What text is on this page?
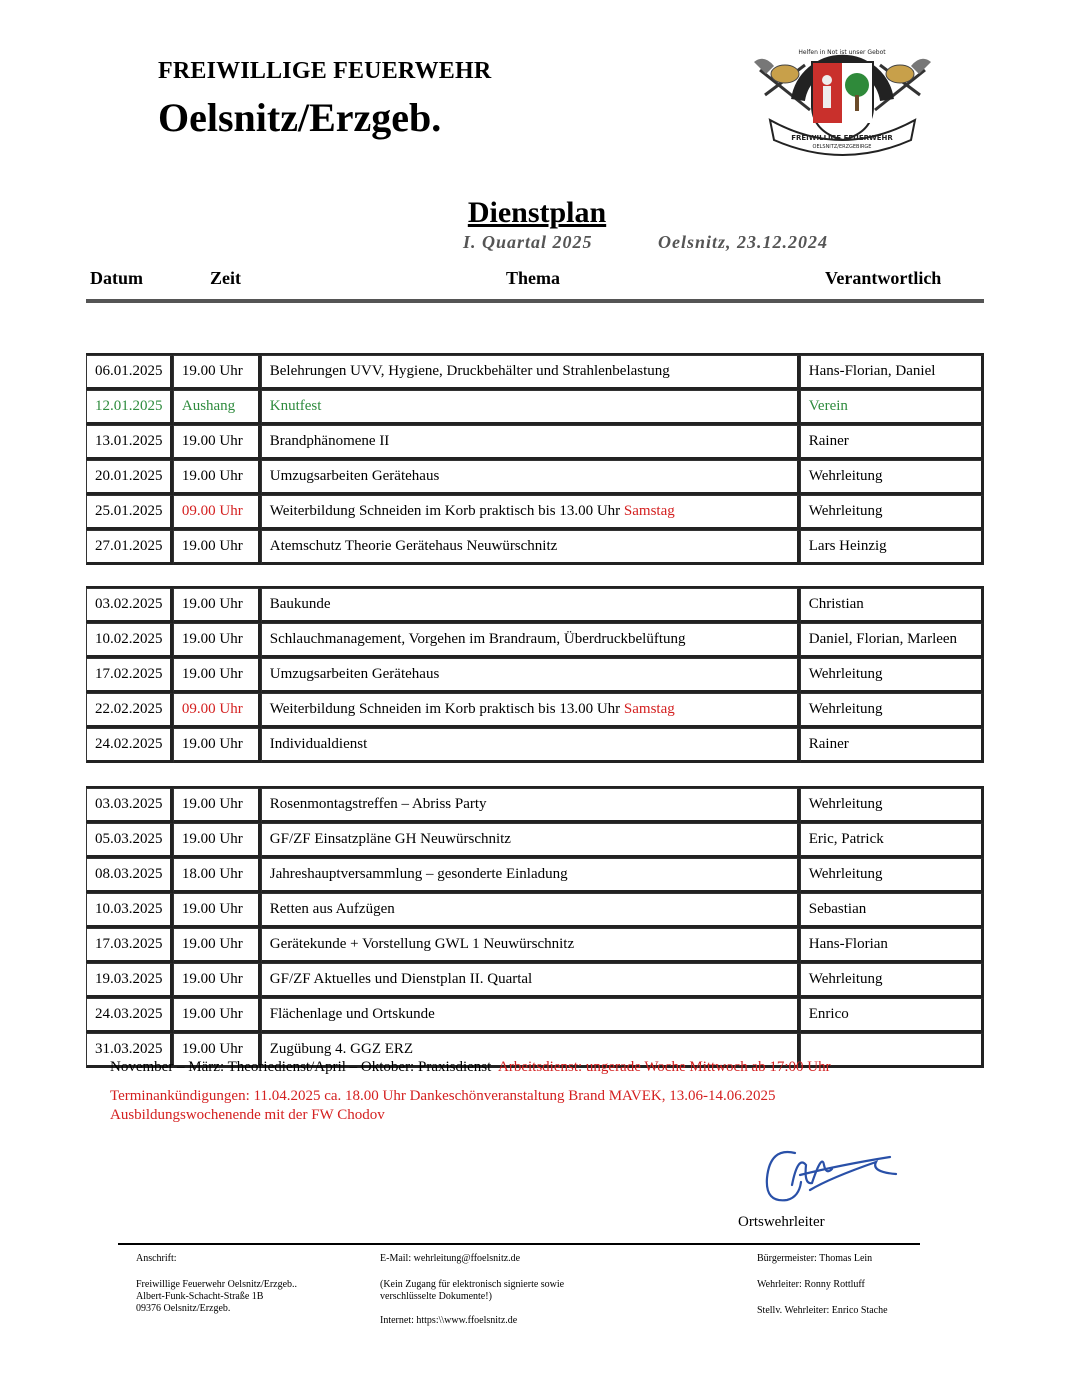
FREIWILLIGE FEUERWEHR
Oelsnitz/Erzgeb.	FREIWILLIGE FEUERWEHR
OELSNITZ/ERZGEBIRGE
Helfen in Not ist unser Gebot
Dienstplan
I. Quartal 2025	Oelsnitz, 23.12.2024
Datum	Zeit	Thema	Verantwortlich
06.01.2025	19.00 Uhr	Belehrungen UVV, Hygiene, Druckbehälter und Strahlenbelastung	Hans-Florian, Daniel
12.01.2025	Aushang	Knutfest	Verein
13.01.2025	19.00 Uhr	Brandphänomene II	Rainer
20.01.2025	19.00 Uhr	Umzugsarbeiten Gerätehaus	Wehrleitung
25.01.2025	09.00 Uhr	Weiterbildung Schneiden im Korb praktisch bis 13.00 Uhr Samstag	Wehrleitung
27.01.2025	19.00 Uhr	Atemschutz Theorie Gerätehaus Neuwürschnitz	Lars Heinzig
03.02.2025	19.00 Uhr	Baukunde	Christian
10.02.2025	19.00 Uhr	Schlauchmanagement, Vorgehen im Brandraum, Überdruckbelüftung	Daniel, Florian, Marleen
17.02.2025	19.00 Uhr	Umzugsarbeiten Gerätehaus	Wehrleitung
22.02.2025	09.00 Uhr	Weiterbildung Schneiden im Korb praktisch bis 13.00 Uhr Samstag	Wehrleitung
24.02.2025	19.00 Uhr	Individualdienst	Rainer
03.03.2025	19.00 Uhr	Rosenmontagstreffen – Abriss Party	Wehrleitung
05.03.2025	19.00 Uhr	GF/ZF Einsatzpläne GH Neuwürschnitz	Eric, Patrick
08.03.2025	18.00 Uhr	Jahreshauptversammlung – gesonderte Einladung	Wehrleitung
10.03.2025	19.00 Uhr	Retten aus Aufzügen	Sebastian
17.03.2025	19.00 Uhr	Gerätekunde + Vorstellung GWL 1 Neuwürschnitz	Hans-Florian
19.03.2025	19.00 Uhr	GF/ZF Aktuelles und Dienstplan II. Quartal	Wehrleitung
24.03.2025	19.00 Uhr	Flächenlage und Ortskunde	Enrico
31.03.2025	19.00 Uhr	Zugübung 4. GGZ ERZ	
November – März: Theoriedienst/April – Oktober: Praxisdienst Arbeitsdienst: ungerade Woche Mittwoch ab 17:00 Uhr
Terminankündigungen: 11.04.2025 ca. 18.00 Uhr Dankeschönveranstaltung Brand MAVEK, 13.06-14.06.2025
Ausbildungswochenende mit der FW Chodov
Ortswehrleiter
Anschrift:
Freiwillige Feuerwehr Oelsnitz/Erzgeb..
Albert-Funk-Schacht-Straße 1B
09376 Oelsnitz/Erzgeb.
E-Mail: wehrleitung@ffoelsnitz.de
(Kein Zugang für elektronisch signierte sowie
verschlüsselte Dokumente!)
Internet: https:\\www.ffoelsnitz.de
Bürgermeister: Thomas Lein
Wehrleiter: Ronny Rottluff
Stellv. Wehrleiter: Enrico Stache
